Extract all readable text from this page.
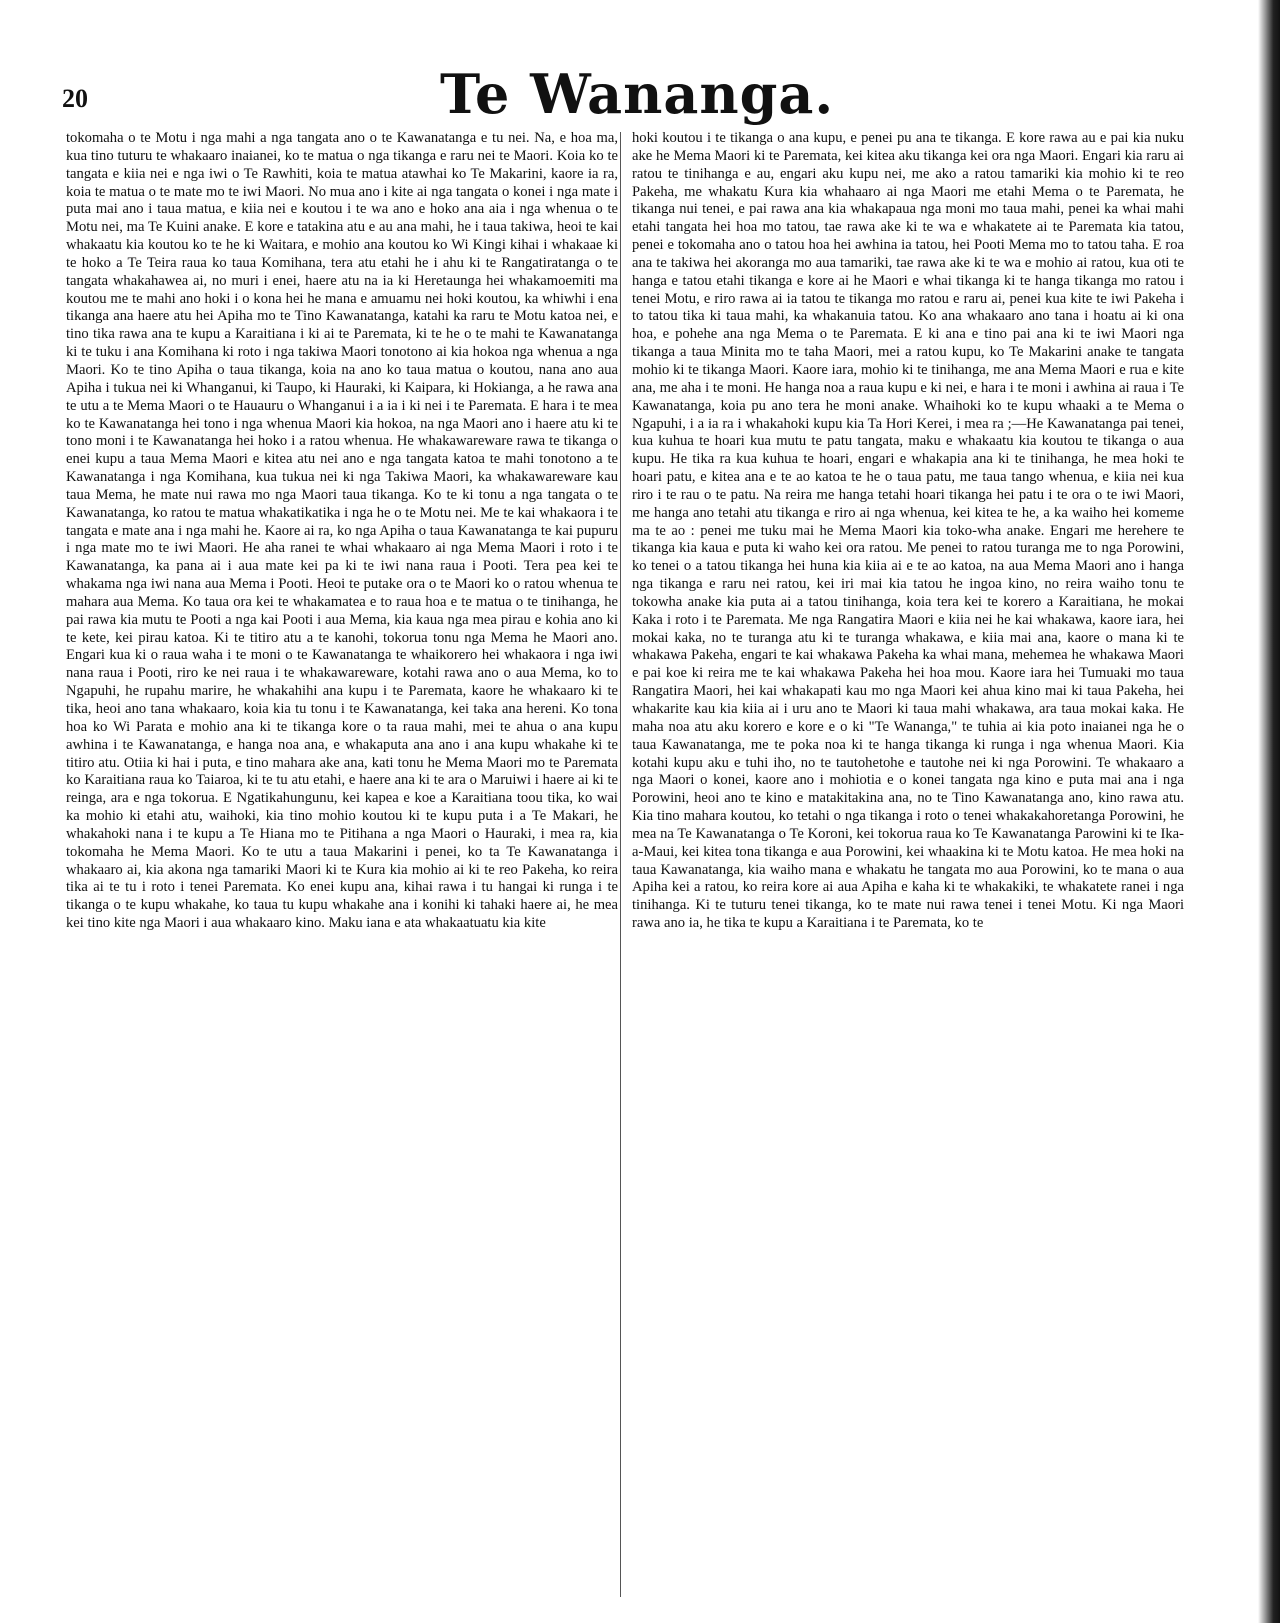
20	Te Wananga.

tokomaha o te Motu i nga mahi a nga tangata ano o te Kawanatanga e tu nei. Na, e hoa ma, kua tino tuturu te whakaaro inaianei, ko te matua o nga tikanga e raru nei te Maori. Koia ko te tangata e kiia nei e nga iwi o Te Rawhiti, koia te matua atawhai ko Te Makarini, kaore ia ra, koia te matua o te mate mo te iwi Maori. No mua ano i kite ai nga tangata o konei i nga mate i puta mai ano i taua matua, e kiia nei e koutou i te wa ano e hoko ana aia i nga whenua o te Motu nei, ma Te Kuini anake. E kore e tatakina atu e au ana mahi, he i taua takiwa, heoi te kai whakaatu kia koutou ko te he ki Waitara, e mohio ana koutou ko Wi Kingi kihai i whakaae ki te hoko a Te Teira raua ko taua Komihana, tera atu etahi he i ahu ki te Rangatiratanga o te tangata whakahawea ai, no muri i enei, haere atu na ia ki Heretaunga hei whakamoemiti ma koutou me te mahi ano hoki i o kona hei he mana e amuamu nei hoki koutou, ka whiwhi i ena tikanga ana haere atu hei Apiha mo te Tino Kawanatanga, katahi ka raru te Motu katoa nei, e tino tika rawa ana te kupu a Karaitiana i ki ai te Paremata, ki te he o te mahi te Kawanatanga ki te tuku i ana Komihana ki roto i nga takiwa Maori tonotono ai kia hokoa nga whenua a nga Maori. Ko te tino Apiha o taua tikanga, koia na ano ko taua matua o koutou, nana ano aua Apiha i tukua nei ki Whanganui, ki Taupo, ki Hauraki, ki Kaipara, ki Hokianga, a he rawa ana te utu a te Mema Maori o te Hauauru o Whanganui i a ia i ki nei i te Paremata. E hara i te mea ko te Kawanatanga hei tono i nga whenua Maori kia hokoa, na nga Maori ano i haere atu ki te tono moni i te Kawanatanga hei hoko i a ratou whenua. He whakawareware rawa te tikanga o enei kupu a taua Mema Maori e kitea atu nei ano e nga tangata katoa te mahi tonotono a te Kawanatanga i nga Komihana, kua tukua nei ki nga Takiwa Maori, ka whakawareware kau taua Mema, he mate nui rawa mo nga Maori taua tikanga. Ko te ki tonu a nga tangata o te Kawanatanga, ko ratou te matua whakatikatika i nga he o te Motu nei. Me te kai whakaora i te tangata e mate ana i nga mahi he. Kaore ai ra, ko nga Apiha o taua Kawanatanga te kai pupuru i nga mate mo te iwi Maori. He aha ranei te whai whakaaro ai nga Mema Maori i roto i te Kawanatanga, ka pana ai i aua mate kei pa ki te iwi nana raua i Pooti. Tera pea kei te whakama nga iwi nana aua Mema i Pooti. Heoi te putake ora o te Maori ko o ratou whenua te mahara aua Mema. Ko taua ora kei te whakamatea e to raua hoa e te matua o te tinihanga, he pai rawa kia mutu te Pooti a nga kai Pooti i aua Mema, kia kaua nga mea pirau e kohia ano ki te kete, kei pirau katoa. Ki te titiro atu a te kanohi, tokorua tonu nga Mema he Maori ano. Engari kua ki o raua waha i te moni o te Kawanatanga te whaikorero hei whakaora i nga iwi nana raua i Pooti, riro ke nei raua i te whakawareware, kotahi rawa ano o aua Mema, ko to Ngapuhi, he rupahu marire, he whakahihi ana kupu i te Paremata, kaore he whakaaro ki te tika, heoi ano tana whakaaro, koia kia tu tonu i te Kawanatanga, kei taka ana hereni. Ko tona hoa ko Wi Parata e mohio ana ki te tikanga kore o ta raua mahi, mei te ahua o ana kupu awhina i te Kawanatanga, e hanga noa ana, e whakaputa ana ano i ana kupu whakahe ki te titiro atu. Otiia ki hai i puta, e tino mahara ake ana, kati tonu he Mema Maori mo te Paremata ko Karaitiana raua ko Taiaroa, ki te tu atu etahi, e haere ana ki te ara o Maruiwi i haere ai ki te reinga, ara e nga tokorua. E Ngatikahungunu, kei kapea e koe a Karaitiana toou tika, ko wai ka mohio ki etahi atu, waihoki, kia tino mohio koutou ki te kupu puta i a Te Makari, he whakahoki nana i te kupu a Te Hiana mo te Pitihana a nga Maori o Hauraki, i mea ra, kia tokomaha he Mema Maori. Ko te utu a taua Makarini i penei, ko ta Te Kawanatanga i whakaaro ai, kia akona nga tamariki Maori ki te Kura kia mohio ai ki te reo Pakeha, ko reira tika ai te tu i roto i tenei Paremata. Ko enei kupu ana, kihai rawa i tu hangai ki runga i te tikanga o te kupu whakahe, ko taua tu kupu whakahe ana i konihi ki tahaki haere ai, he mea kei tino kite nga Maori i aua whakaaro kino. Maku iana e ata whakaatuatu kia kite

hoki koutou i te tikanga o ana kupu, e penei pu ana te tikanga. E kore rawa au e pai kia nuku ake he Mema Maori ki te Paremata, kei kitea aku tikanga kei ora nga Maori. Engari kia raru ai ratou te tinihanga e au, engari aku kupu nei, me ako a ratou tamariki kia mohio ki te reo Pakeha, me whakatu Kura kia whahaaro ai nga Maori me etahi Mema o te Paremata, he tikanga nui tenei, e pai rawa ana kia whakapaua nga moni mo taua mahi, penei ka whai mahi etahi tangata hei hoa mo tatou, tae rawa ake ki te wa e whakatete ai te Paremata kia tatou, penei e tokomaha ano o tatou hoa hei awhina ia tatou, hei Pooti Mema mo to tatou taha. E roa ana te takiwa hei akoranga mo aua tamariki, tae rawa ake ki te wa e mohio ai ratou, kua oti te hanga e tatou etahi tikanga e kore ai he Maori e whai tikanga ki te hanga tikanga mo ratou i tenei Motu, e riro rawa ai ia tatou te tikanga mo ratou e raru ai, penei kua kite te iwi Pakeha i to tatou tika ki taua mahi, ka whakanuia tatou. Ko ana whakaaro ano tana i hoatu ai ki ona hoa, e pohehe ana nga Mema o te Paremata. E ki ana e tino pai ana ki te iwi Maori nga tikanga a taua Minita mo te taha Maori, mei a ratou kupu, ko Te Makarini anake te tangata mohio ki te tikanga Maori. Kaore iara, mohio ki te tinihanga, me ana Mema Maori e rua e kite ana, me aha i te moni. He hanga noa a raua kupu e ki nei, e hara i te moni i awhina ai raua i Te Kawanatanga, koia pu ano tera he moni anake. Whaihoki ko te kupu whaaki a te Mema o Ngapuhi, i a ia ra i whakahoki kupu kia Ta Hori Kerei, i mea ra ;—He Kawanatanga pai tenei, kua kuhua te hoari kua mutu te patu tangata, maku e whakaatu kia koutou te tikanga o aua kupu. He tika ra kua kuhua te hoari, engari e whakapia ana ki te tinihanga, he mea hoki te hoari patu, e kitea ana e te ao katoa te he o taua patu, me taua tango whenua, e kiia nei kua riro i te rau o te patu. Na reira me hanga tetahi hoari tikanga hei patu i te ora o te iwi Maori, me hanga ano tetahi atu tikanga e riro ai nga whenua, kei kitea te he, a ka waiho hei komeme ma te ao : penei me tuku mai he Mema Maori kia toko-wha anake. Engari me herehere te tikanga kia kaua e puta ki waho kei ora ratou. Me penei to ratou turanga me to nga Porowini, ko tenei o a tatou tikanga hei huna kia kiia ai e te ao katoa, na aua Mema Maori ano i hanga nga tikanga e raru nei ratou, kei iri mai kia tatou he ingoa kino, no reira waiho tonu te tokowha anake kia puta ai a tatou tinihanga, koia tera kei te korero a Karaitiana, he mokai Kaka i roto i te Paremata. Me nga Rangatira Maori e kiia nei he kai whakawa, kaore iara, hei mokai kaka, no te turanga atu ki te turanga whakawa, e kiia mai ana, kaore o mana ki te whakawa Pakeha, engari te kai whakawa Pakeha ka whai mana, mehemea he whakawa Maori e pai koe ki reira me te kai whakawa Pakeha hei hoa mou. Kaore iara hei Tumuaki mo taua Rangatira Maori, hei kai whakapati kau mo nga Maori kei ahua kino mai ki taua Pakeha, hei whakarite kau kia kiia ai i uru ano te Maori ki taua mahi whakawa, ara taua mokai kaka. He maha noa atu aku korero e kore e o ki "Te Wananga," te tuhia ai kia poto inaianei nga he o taua Kawanatanga, me te poka noa ki te hanga tikanga ki runga i nga whenua Maori. Kia kotahi kupu aku e tuhi iho, no te tautohetohe e tautohe nei ki nga Porowini. Te whakaaro a nga Maori o konei, kaore ano i mohiotia e o konei tangata nga kino e puta mai ana i nga Porowini, heoi ano te kino e matakitakina ana, no te Tino Kawanatanga ano, kino rawa atu. Kia tino mahara koutou, ko tetahi o nga tikanga i roto o tenei whakakahoretanga Porowini, he mea na Te Kawanatanga o Te Koroni, kei tokorua raua ko Te Kawanatanga Parowini ki te Ika-a-Maui, kei kitea tona tikanga e aua Porowini, kei whaakina ki te Motu katoa. He mea hoki na taua Kawanatanga, kia waiho mana e whakatu he tangata mo aua Porowini, ko te mana o aua Apiha kei a ratou, ko reira kore ai aua Apiha e kaha ki te whakakiki, te whakatete ranei i nga tinihanga. Ki te tuturu tenei tikanga, ko te mate nui rawa tenei i tenei Motu. Ki nga Maori rawa ano ia, he tika te kupu a Karaitiana i te Paremata, ko te
